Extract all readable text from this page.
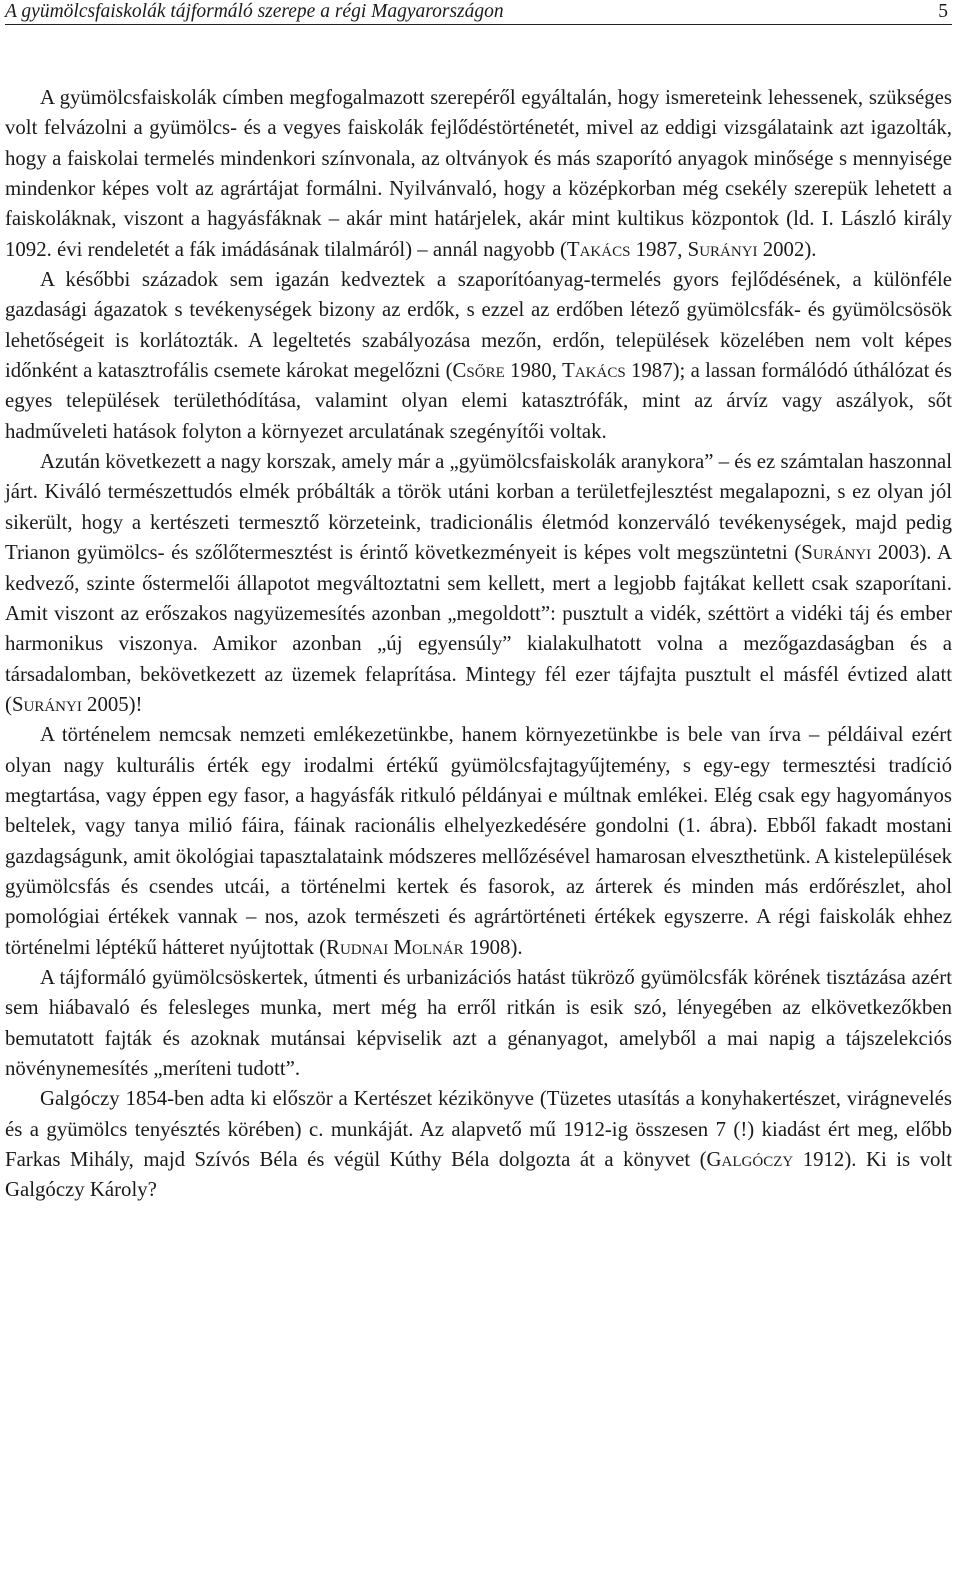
A gyümölcsfaiskolák tájformáló szerepe a régi Magyarországon	5

A gyümölcsfaiskolák címben megfogalmazott szerepéről egyáltalán, hogy ismereteink lehessenek, szükséges volt felvázolni a gyümölcs- és a vegyes faiskolák fejlődéstörténetét, mivel az eddigi vizsgálataink azt igazolták, hogy a faiskolai termelés mindenkori színvonala, az oltványok és más szaporító anyagok minősége s mennyisége mindenkor képes volt az agrártájat formálni. Nyilvánvaló, hogy a középkorban még csekély szerepük lehetett a faiskoláknak, viszont a hagyásfáknak – akár mint határjelek, akár mint kultikus központok (ld. I. László király 1092. évi rendeletét a fák imádásának tilalmáról) – annál nagyobb (Takács 1987, Surányi 2002).

A későbbi századok sem igazán kedveztek a szaporítóanyag-termelés gyors fejlődésének, a különféle gazdasági ágazatok s tevékenységek bizony az erdők, s ezzel az erdőben létező gyümölcsfák- és gyümölcsösök lehetőségeit is korlátozták. A legeltetés szabályozása mezőn, erdőn, települések közelében nem volt képes időnként a katasztrofális csemete károkat megelőzni (Csőre 1980, Takács 1987); a lassan formálódó úthálózat és egyes települések területhódítása, valamint olyan elemi katasztrófák, mint az árvíz vagy aszályok, sőt hadműveleti hatások folyton a környezet arculatának szegényítői voltak.

Azután következett a nagy korszak, amely már a „gyümölcsfaiskolák aranykora” – és ez számtalan haszonnal járt. Kiváló természettudós elmék próbálták a török utáni korban a területfejlesztést megalapozni, s ez olyan jól sikerült, hogy a kertészeti termesztő körzeteink, tradicionális életmód konzerváló tevékenységek, majd pedig Trianon gyümölcs- és szőlőtermesztést is érintő következményeit is képes volt megszüntetni (Surányi 2003). A kedvező, szinte őstermelői állapotot megváltoztatni sem kellett, mert a legjobb fajtákat kellett csak szaporítani. Amit viszont az erőszakos nagyüzemesítés azonban „megoldott”: pusztult a vidék, széttört a vidéki táj és ember harmonikus viszonya. Amikor azonban „új egyensúly” kialakulhatott volna a mezőgazdaságban és a társadalomban, bekövetkezett az üzemek felaprítása. Mintegy fél ezer tájfajta pusztult el másfél évtized alatt (Surányi 2005)!

A történelem nemcsak nemzeti emlékezetünkbe, hanem környezetünkbe is bele van írva – példáival ezért olyan nagy kulturális érték egy irodalmi értékű gyümölcsfajtagyűjtemény, s egy-egy termesztési tradíció megtartása, vagy éppen egy fasor, a hagyásfák ritkuló példányai e múltnak emlékei. Elég csak egy hagyományos beltelek, vagy tanya milió fáira, fáinak racionális elhelyezkedésére gondolni (1. ábra). Ebből fakadt mostani gazdagságunk, amit ökológiai tapasztalataink módszeres mellőzésével hamarosan elveszthetünk. A kistelepülések gyümölcsfás és csendes utcái, a történelmi kertek és fasorok, az árterek és minden más erdőrészlet, ahol pomológiai értékek vannak – nos, azok természeti és agrártörténeti értékek egyszerre. A régi faiskolák ehhez történelmi léptékű hátteret nyújtottak (Rudnai Molnár 1908).

A tájformáló gyümölcsöskertek, útmenti és urbanizációs hatást tükröző gyümölcsfák körének tisztázása azért sem hiábavaló és felesleges munka, mert még ha erről ritkán is esik szó, lényegében az elkövetkezőkben bemutatott fajták és azoknak mutánsai képviselik azt a génanyagot, amelyből a mai napig a tájszelekciós növénynemesítés „meríteni tudott”.

Galgóczy 1854-ben adta ki először a Kertészet kézikönyve (Tüzetes utasítás a konyhakertészet, virágnevelés és a gyümölcs tenyésztés körében) c. munkáját. Az alapvető mű 1912-ig összesen 7 (!) kiadást ért meg, előbb Farkas Mihály, majd Szívós Béla és végül Kúthy Béla dolgozta át a könyvet (Galgóczy 1912). Ki is volt Galgóczy Károly?
